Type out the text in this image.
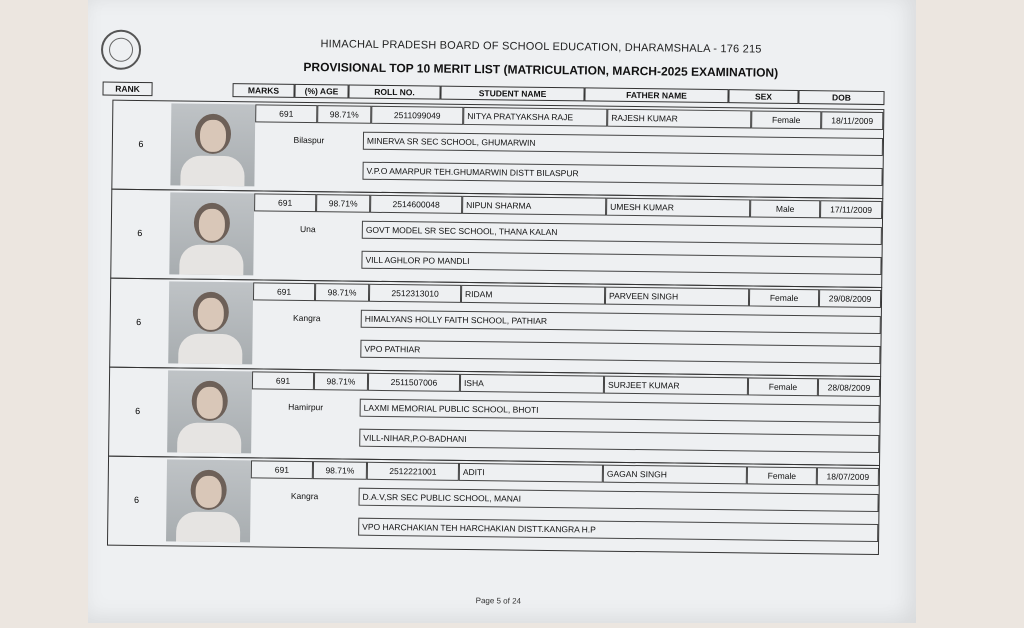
HIMACHAL PRADESH BOARD OF SCHOOL EDUCATION, DHARAMSHALA - 176 215
PROVISIONAL TOP 10 MERIT LIST (MATRICULATION, MARCH-2025 EXAMINATION)
RANK	MARKS	(%) AGE	ROLL NO.	STUDENT NAME	FATHER NAME	SEX	DOB
6
691	98.71%	2511099049	NITYA PRATYAKSHA RAJE	RAJESH KUMAR	Female	18/11/2009
Bilaspur	MINERVA SR SEC SCHOOL, GHUMARWIN
V.P.O AMARPUR TEH.GHUMARWIN DISTT BILASPUR
6
691	98.71%	2514600048	NIPUN SHARMA	UMESH KUMAR	Male	17/11/2009
Una	GOVT MODEL SR SEC SCHOOL, THANA KALAN
VILL AGHLOR PO MANDLI
6
691	98.71%	2512313010	RIDAM	PARVEEN SINGH	Female	29/08/2009
Kangra	HIMALYANS HOLLY FAITH SCHOOL, PATHIAR
VPO PATHIAR
6
691	98.71%	2511507006	ISHA	SURJEET KUMAR	Female	28/08/2009
Hamirpur	LAXMI MEMORIAL PUBLIC SCHOOL, BHOTI
VILL-NIHAR,P.O-BADHANI
6
691	98.71%	2512221001	ADITI	GAGAN SINGH	Female	18/07/2009
Kangra	D.A.V,SR SEC PUBLIC SCHOOL, MANAI
VPO HARCHAKIAN TEH HARCHAKIAN DISTT.KANGRA H.P
Page 5 of 24
